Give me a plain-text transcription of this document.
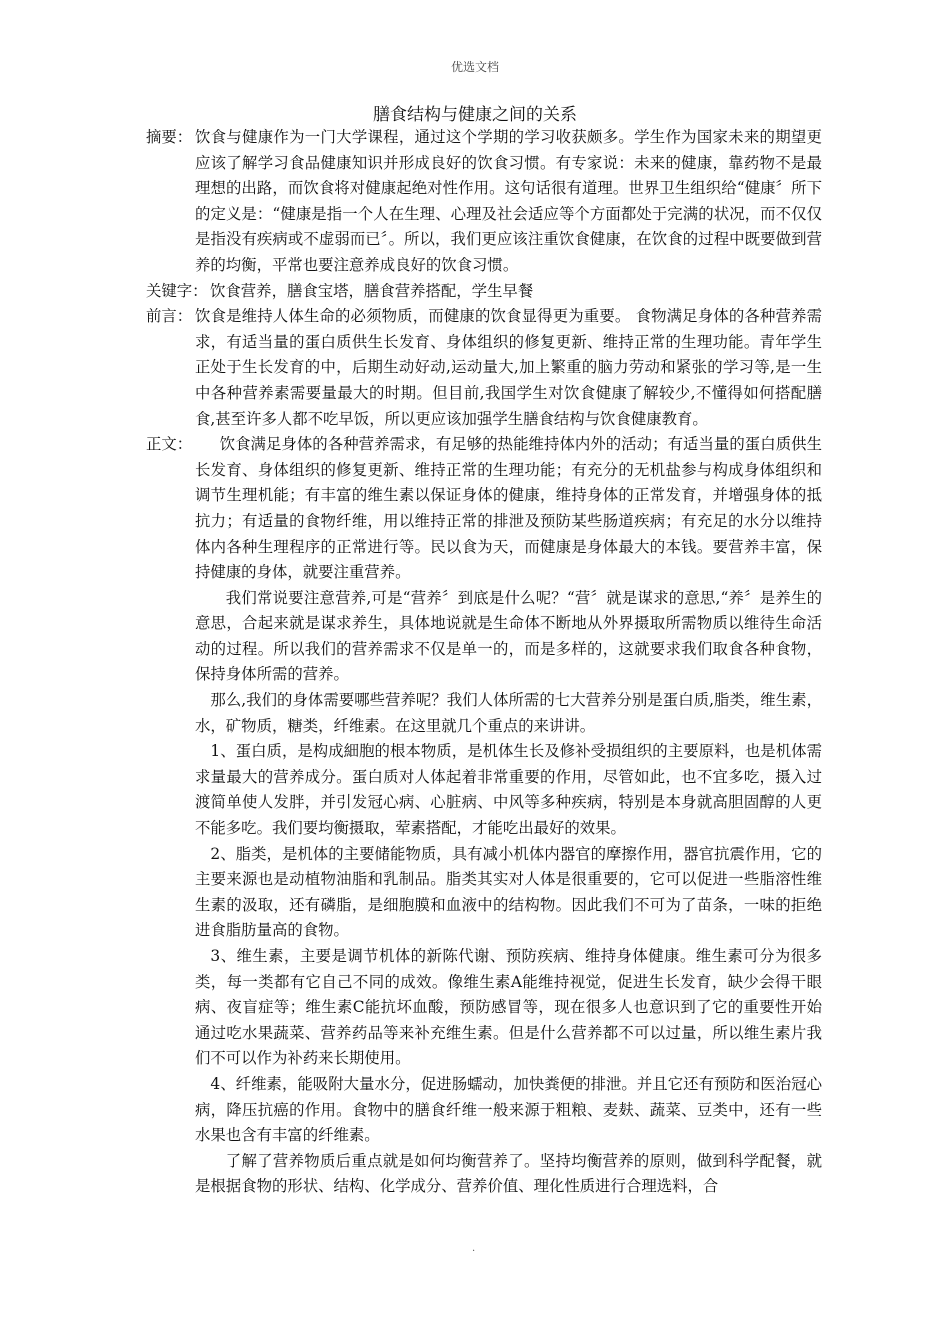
优选文档
膳食结构与健康之间的关系
摘要： 饮食与健康作为一门大学课程，通过这个学期的学习收获颇多。学生作为国家未来的期望更应该了解学习食品健康知识并形成良好的饮食习惯。有专家说：未来的健康，靠药物不是最理想的出路，而饮食将对健康起绝对性作用。这句话很有道理。世界卫生组织给“健康〞所下的定义是：“健康是指一个人在生理、心理及社会适应等个方面都处于完满的状况，而不仅仅是指没有疾病或不虚弱而已〞。所以，我们更应该注重饮食健康，在饮食的过程中既要做到营养的均衡，平常也要注意养成良好的饮食习惯。

关键字： 饮食营养，膳食宝塔，膳食营养搭配，学生早餐

前言： 饮食是维持人体生命的必须物质，而健康的饮食显得更为重要。 食物满足身体的各种营养需求，有适当量的蛋白质供生长发育、身体组织的修复更新、维持正常的生理功能。青年学生正处于生长发育的中，后期生动好动,运动量大,加上繁重的脑力劳动和紧张的学习等,是一生中各种营养素需要量最大的时期。但目前,我国学生对饮食健康了解较少,不懂得如何搭配膳食,甚至许多人都不吃早饭，所以更应该加强学生膳食结构与饮食健康教育。

正文：	饮食满足身体的各种营养需求，有足够的热能维持体内外的活动；有适当量的蛋白质供生长发育、身体组织的修复更新、维持正常的生理功能；有充分的无机盐参与构成身体组织和调节生理机能；有丰富的维生素以保证身体的健康，维持身体的正常发育，并增强身体的抵抗力；有适量的食物纤维，用以维持正常的排泄及预防某些肠道疾病；有充足的水分以维持体内各种生理程序的正常进行等。民以食为天，而健康是身体最大的本钱。要营养丰富，保持健康的身体，就要注重营养。

我们常说要注意营养,可是“营养〞到底是什么呢？“营〞就是谋求的意思,“养〞是养生的意思，合起来就是谋求养生，具体地说就是生命体不断地从外界摄取所需物质以维待生命活动的过程。所以我们的营养需求不仅是单一的，而是多样的，这就要求我们取食各种食物，保持身体所需的营养。

那么,我们的身体需要哪些营养呢？我们人体所需的七大营养分别是蛋白质,脂类，维生素，水，矿物质，糖类，纤维素。在这里就几个重点的来讲讲。

1、蛋白质，是构成細胞的根本物质，是机体生长及修补受损组织的主要原料，也是机体需求量最大的营养成分。蛋白质对人体起着非常重要的作用，尽管如此，也不宜多吃，摄入过渡简单使人发胖，并引发冠心病、心脏病、中风等多种疾病，特别是本身就高胆固醇的人更不能多吃。我们要均衡摄取，荤素搭配，才能吃出最好的效果。

2、脂类，是机体的主要储能物质，具有减小机体内器官的摩擦作用，器官抗震作用，它的主要来源也是动植物油脂和乳制品。脂类其实对人体是很重要的，它可以促进一些脂溶性维生素的汲取，还有磷脂，是细胞膜和血液中的结构物。因此我们不可为了苗条，一味的拒绝进食脂肪量高的食物。

3、维生素，主要是调节机体的新陈代谢、预防疾病、维持身体健康。维生素可分为很多类，每一类都有它自己不同的成效。像维生素A能维持视觉，促进生长发育，缺少会得干眼病、夜盲症等；维生素C能抗坏血酸，预防感冒等，现在很多人也意识到了它的重要性开始通过吃水果蔬菜、营养药品等来补充维生素。但是什么营养都不可以过量，所以维生素片我们不可以作为补药来长期使用。

4、纤维素，能吸附大量水分，促进肠蠕动，加快粪便的排泄。并且它还有预防和医治冠心病，降压抗癌的作用。食物中的膳食纤维一般来源于粗粮、麦麸、蔬菜、豆类中，还有一些水果也含有丰富的纤维素。

了解了营养物质后重点就是如何均衡营养了。坚持均衡营养的原则，做到科学配餐，就是根据食物的形状、结构、化学成分、营养价值、理化性质进行合理选料，合

.
